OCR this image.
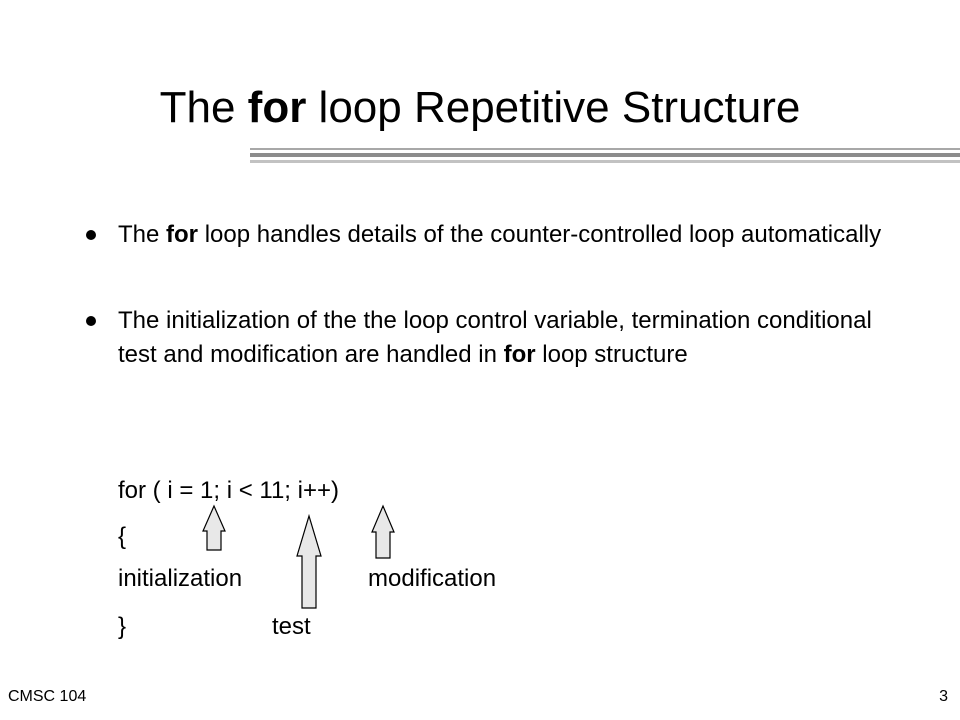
The for loop Repetitive Structure
The for loop handles details of the counter-controlled loop automatically
The initialization of the the loop control variable, termination conditional test and modification are handled in for loop structure
for ( i = 1; i < 11; i++)
{
initialization	modification
}	test
CMSC 104	3
